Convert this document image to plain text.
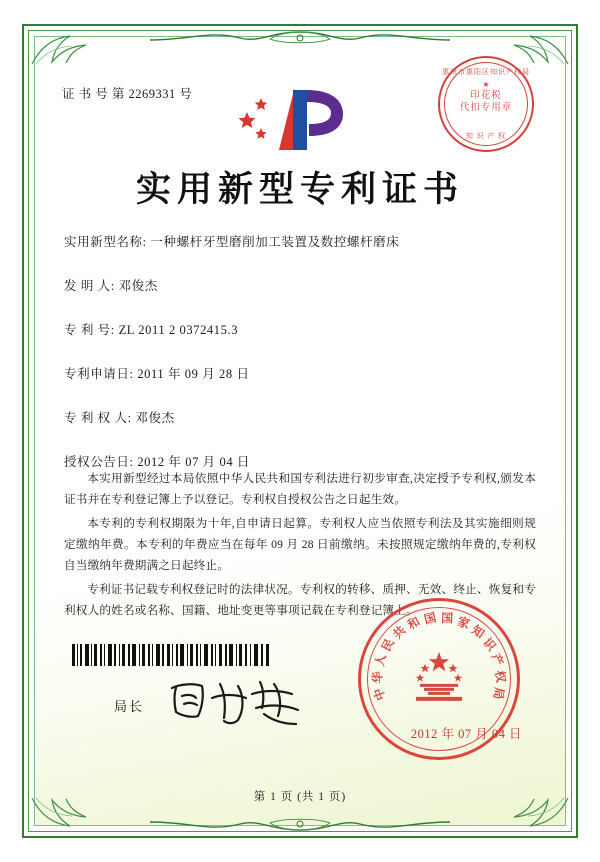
证 书 号 第 2269331 号
惠州市惠阳区知识产权局
★
印花税
代扣专用章
知 识 产 权
实用新型专利证书
实用新型名称: 一种螺杆牙型磨削加工装置及数控螺杆磨床
发 明 人: 邓俊杰
专 利 号: ZL 2011 2 0372415.3
专利申请日: 2011 年 09 月 28 日
专 利 权 人: 邓俊杰
授权公告日: 2012 年 07 月 04 日

本实用新型经过本局依照中华人民共和国专利法进行初步审查,决定授予专利权,颁发本证书并在专利登记簿上予以登记。专利权自授权公告之日起生效。

本专利的专利权期限为十年,自申请日起算。专利权人应当依照专利法及其实施细则规定缴纳年费。本专利的年费应当在每年 09 月 28 日前缴纳。未按照规定缴纳年费的,专利权自当缴纳年费期满之日起终止。

专利证书记载专利权登记时的法律状况。专利权的转移、质押、无效、终止、恢复和专利权人的姓名或名称、国籍、地址变更等事项记载在专利登记簿上。

局长
中
华
人
民
共
和 国 国 家
知
识
产
权
局
2012 年 07 月 04 日
第 1 页 (共 1 页)
